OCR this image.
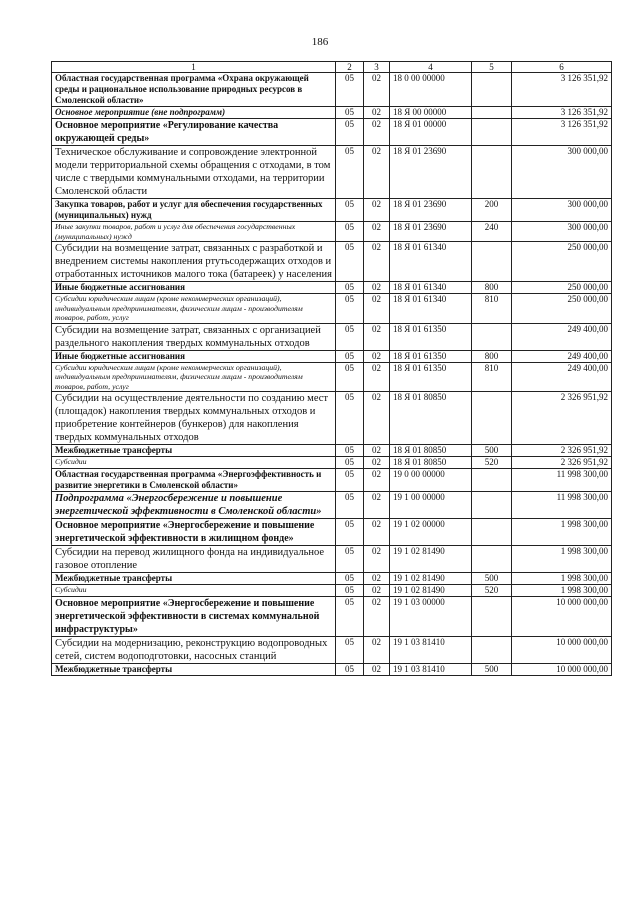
186
1	2	3	4	5	6
Областная государственная программа «Охрана окружающей среды и рациональное использование природных ресурсов в Смоленской области»	05	02	18 0 00 00000		3 126 351,92
Основное мероприятие (вне подпрограмм)	05	02	18 Я 00 00000		3 126 351,92
Основное мероприятие «Регулирование качества окружающей среды»	05	02	18 Я 01 00000		3 126 351,92
Техническое обслуживание и сопровождение электронной модели территориальной схемы обращения с отходами, в том числе с твердыми коммунальными отходами, на территории Смоленской области	05	02	18 Я 01 23690		300 000,00
Закупка товаров, работ и услуг для обеспечения государственных (муниципальных) нужд	05	02	18 Я 01 23690	200	300 000,00
Иные закупки товаров, работ и услуг для обеспечения государственных (муниципальных) нужд	05	02	18 Я 01 23690	240	300 000,00
Субсидии на возмещение затрат, связанных с разработкой и внедрением системы накопления ртутьсодержащих отходов и отработанных источников малого тока (батареек) у населения	05	02	18 Я 01 61340		250 000,00
Иные бюджетные ассигнования	05	02	18 Я 01 61340	800	250 000,00
Субсидии юридическим лицам (кроме некоммерческих организаций), индивидуальным предпринимателям, физическим лицам - производителям товаров, работ, услуг	05	02	18 Я 01 61340	810	250 000,00
Субсидии на возмещение затрат, связанных с организацией раздельного накопления твердых коммунальных отходов	05	02	18 Я 01 61350		249 400,00
Иные бюджетные ассигнования	05	02	18 Я 01 61350	800	249 400,00
Субсидии юридическим лицам (кроме некоммерческих организаций), индивидуальным предпринимателям, физическим лицам - производителям товаров, работ, услуг	05	02	18 Я 01 61350	810	249 400,00
Субсидии на осуществление деятельности по созданию мест (площадок) накопления твердых коммунальных отходов и приобретение контейнеров (бункеров) для накопления твердых коммунальных отходов	05	02	18 Я 01 80850		2 326 951,92
Межбюджетные трансферты	05	02	18 Я 01 80850	500	2 326 951,92
Субсидии	05	02	18 Я 01 80850	520	2 326 951,92
Областная государственная программа «Энергоэффективность и развитие энергетики в Смоленской области»	05	02	19 0 00 00000		11 998 300,00
Подпрограмма «Энергосбережение и повышение энергетической эффективности в Смоленской области»	05	02	19 1 00 00000		11 998 300,00
Основное мероприятие «Энергосбережение и повышение энергетической эффективности в жилищном фонде»	05	02	19 1 02 00000		1 998 300,00
Субсидии на перевод жилищного фонда на индивидуальное газовое отопление	05	02	19 1 02 81490		1 998 300,00
Межбюджетные трансферты	05	02	19 1 02 81490	500	1 998 300,00
Субсидии	05	02	19 1 02 81490	520	1 998 300,00
Основное мероприятие «Энергосбережение и повышение энергетической эффективности в системах коммунальной инфраструктуры»	05	02	19 1 03 00000		10 000 000,00
Субсидии на модернизацию, реконструкцию водопроводных сетей, систем водоподготовки, насосных станций	05	02	19 1 03 81410		10 000 000,00
Межбюджетные трансферты	05	02	19 1 03 81410	500	10 000 000,00
